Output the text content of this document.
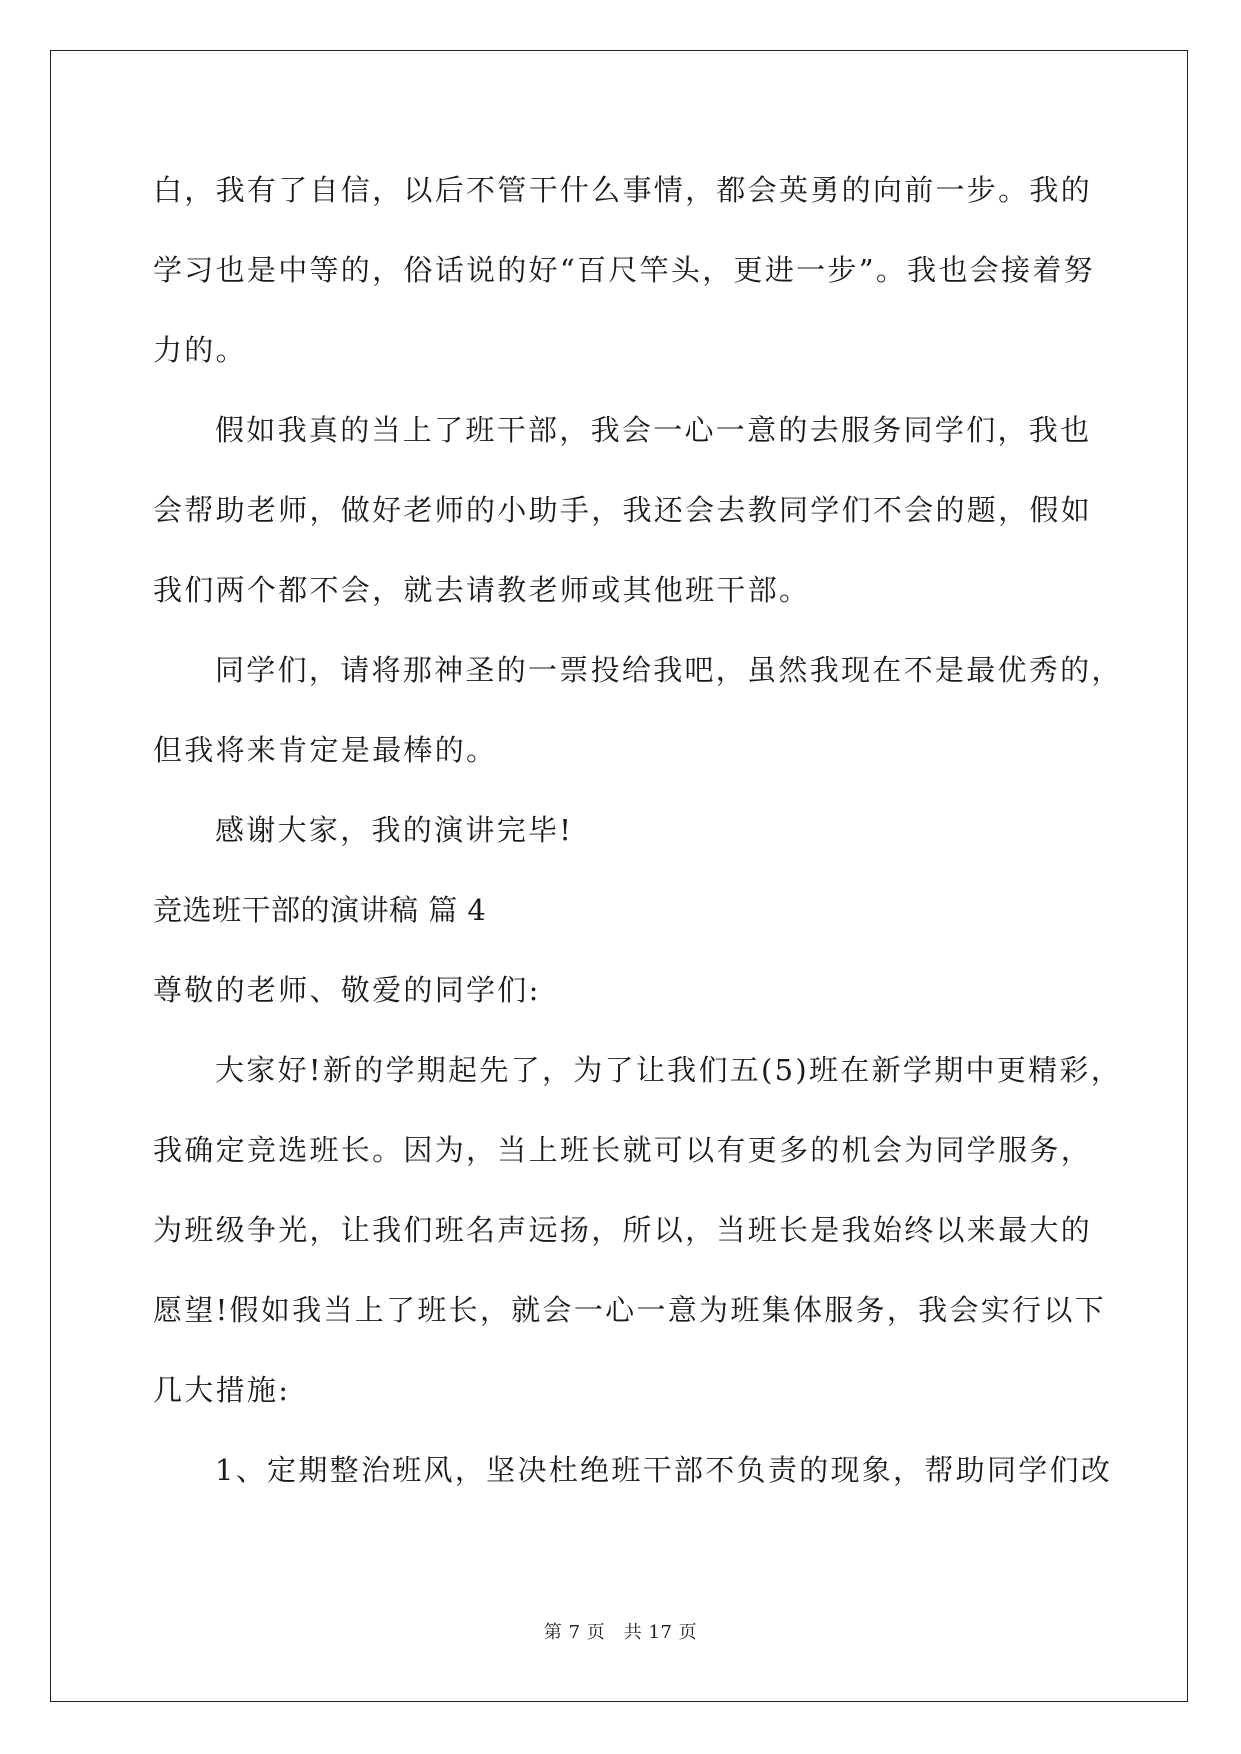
白，我有了自信，以后不管干什么事情，都会英勇的向前一步。我的
学习也是中等的，俗话说的好“百尺竿头，更进一步”。我也会接着努
力的。
假如我真的当上了班干部，我会一心一意的去服务同学们，我也
会帮助老师，做好老师的小助手，我还会去教同学们不会的题，假如
我们两个都不会，就去请教老师或其他班干部。
同学们，请将那神圣的一票投给我吧，虽然我现在不是最优秀的，
但我将来肯定是最棒的。
感谢大家，我的演讲完毕!
竞选班干部的演讲稿 篇 4
尊敬的老师、敬爱的同学们:
大家好!新的学期起先了，为了让我们五(5)班在新学期中更精彩，
我确定竞选班长。因为，当上班长就可以有更多的机会为同学服务，
为班级争光，让我们班名声远扬，所以，当班长是我始终以来最大的
愿望!假如我当上了班长，就会一心一意为班集体服务，我会实行以下
几大措施:
1、定期整治班风，坚决杜绝班干部不负责的现象，帮助同学们改
第 7 页　共 17 页
